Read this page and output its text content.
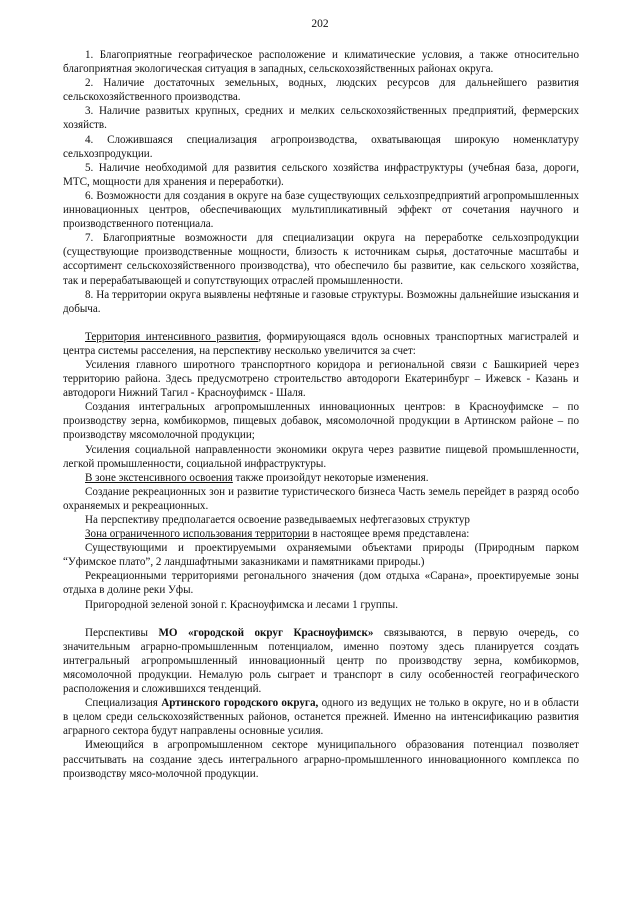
202

1. Благоприятные географическое расположение и климатические условия, а также относительно благоприятная экологическая ситуация в западных, сельскохозяйственных районах округа.

2. Наличие достаточных земельных, водных, людских ресурсов для дальнейшего развития сельскохозяйственного производства.

3. Наличие развитых крупных, средних и мелких сельскохозяйственных предприятий, фермерских хозяйств.

4. Сложившаяся специализация агропроизводства, охватывающая широкую номенклатуру сельхозпродукции.

5. Наличие необходимой для развития сельского хозяйства инфраструктуры (учебная база, дороги, МТС, мощности для хранения и переработки).

6. Возможности для создания в округе на базе существующих сельхозпредприятий агропромышленных инновационных центров, обеспечивающих мультипликативный эффект от сочетания научного и производственного потенциала.

7. Благоприятные возможности для специализации округа на переработке сельхозпродукции (существующие производственные мощности, близость к источникам сырья, достаточные масштабы и ассортимент сельскохозяйственного производства), что обеспечило бы развитие, как сельского хозяйства, так и перерабатывающей и сопутствующих отраслей промышленности.

8. На территории округа выявлены нефтяные и газовые структуры. Возможны дальнейшие изыскания и добыча.

Территория интенсивного развития, формирующаяся вдоль основных транспортных магистралей и центра системы расселения, на перспективу несколько увеличится за счет:

Усиления главного широтного транспортного коридора и региональной связи с Башкирией через территорию района. Здесь предусмотрено строительство автодороги Екатеринбург – Ижевск - Казань и автодороги Нижний Тагил - Красноуфимск - Шаля.

Создания интегральных агропромышленных инновационных центров: в Красноуфимске – по производству зерна, комбикормов, пищевых добавок, мясомолочной продукции в Артинском районе – по производству мясомолочной продукции;

Усиления социальной направленности экономики округа через развитие пищевой промышленности, легкой промышленности, социальной инфраструктуры.

В зоне экстенсивного освоения также произойдут некоторые изменения.

Создание рекреационных зон и развитие туристического бизнеса Часть земель перейдет в разряд особо охраняемых и рекреационных.

На перспективу предполагается освоение разведываемых нефтегазовых структур

Зона ограниченного использования территории в настоящее время представлена:

Существующими и проектируемыми охраняемыми объектами природы (Природным парком “Уфимское плато”, 2 ландшафтными заказниками и памятниками природы.)

Рекреационными территориями регонального значения (дом отдыха «Сарана», проектируемые зоны отдыха в долине реки Уфы.

Пригородной зеленой зоной г. Красноуфимска и лесами 1 группы.

Перспективы МО «городской округ Красноуфимск» связываются, в первую очередь, со значительным аграрно-промышленным потенциалом, именно поэтому здесь планируется создать интегральный агропромышленный инновационный центр по производству зерна, комбикормов, мясомолочной продукции. Немалую роль сыграет и транспорт в силу особенностей географического расположения и сложившихся тенденций.

Специализация Артинского городского округа, одного из ведущих не только в округе, но и в области в целом среди сельскохозяйственных районов, останется прежней. Именно на интенсификацию развития аграрного сектора будут направлены основные усилия.

Имеющийся в агропромышленном секторе муниципального образования потенциал позволяет рассчитывать на создание здесь интегрального аграрно-промышленного инновационного комплекса по производству мясо-молочной продукции.
